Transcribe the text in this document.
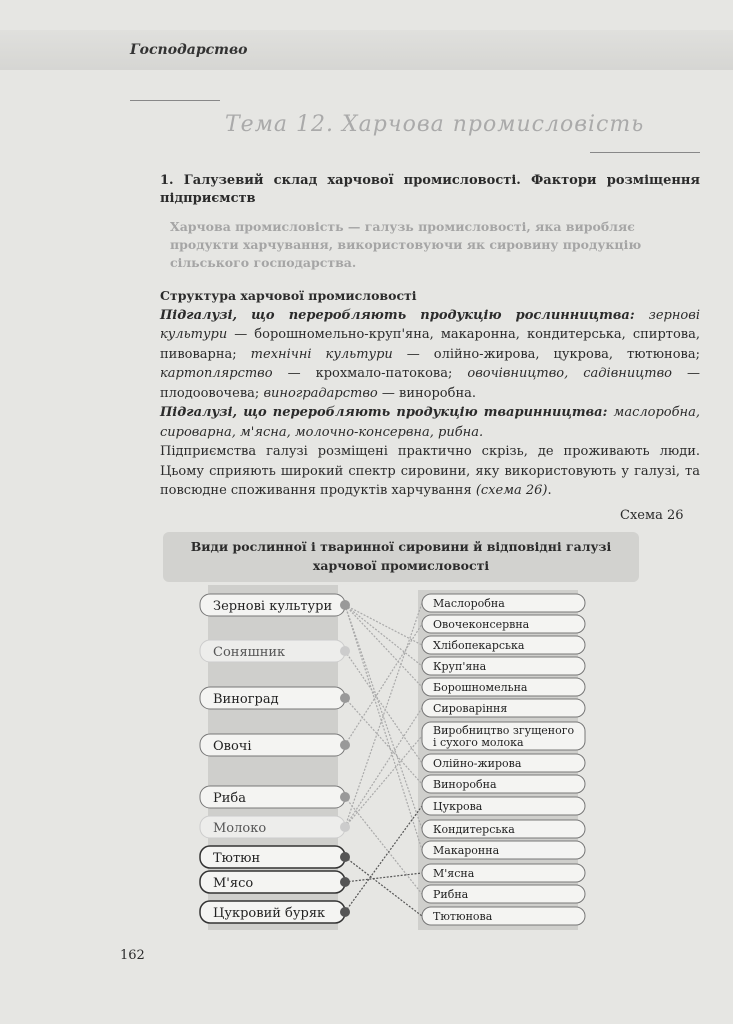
Господарство
Тема 12. Харчова промисловість
1. Галузевий склад харчової промисловості. Фактори розміщення підприємств
Харчова промисловість — галузь промисловості, яка виробляє продукти харчування, використовуючи як сировину продукцію сільського господарства.
Структура харчової промисловості

Підгалузі, що переробляють продукцію рослинництва: зернові культури — борошномельно-круп'яна, макаронна, кондитерська, спиртова, пивоварна; технічні культури — олійно-жирова, цукрова, тютюнова; картоплярство — крохмало-патокова; овочівництво, садівництво — плодоовочева; виноградарство — виноробна.

Підгалузі, що переробляють продукцію тваринництва: маслоробна, сироварна, м'ясна, молочно-консервна, рибна.

Підприємства галузі розміщені практично скрізь, де проживають люди. Цьому сприяють широкий спектр сировини, яку використовують у галузі, та повсюдне споживання продуктів харчування (схема 26).

Схема 26
Види рослинної і тваринної сировини й відповідні галузі
харчової промисловості
Зернові культури
Соняшник
Виноград
Овочі
Риба
Молоко
Тютюн
М'ясо
Цукровий буряк
Маслоробна
Овочеконсервна
Хлібопекарська
Круп'яна
Борошномельна
Сироваріння
Виробництво згущеного і сухого молока
Олійно-жирова
Виноробна
Цукрова
Кондитерська
Макаронна
М'ясна
Рибна
Тютюнова
162
